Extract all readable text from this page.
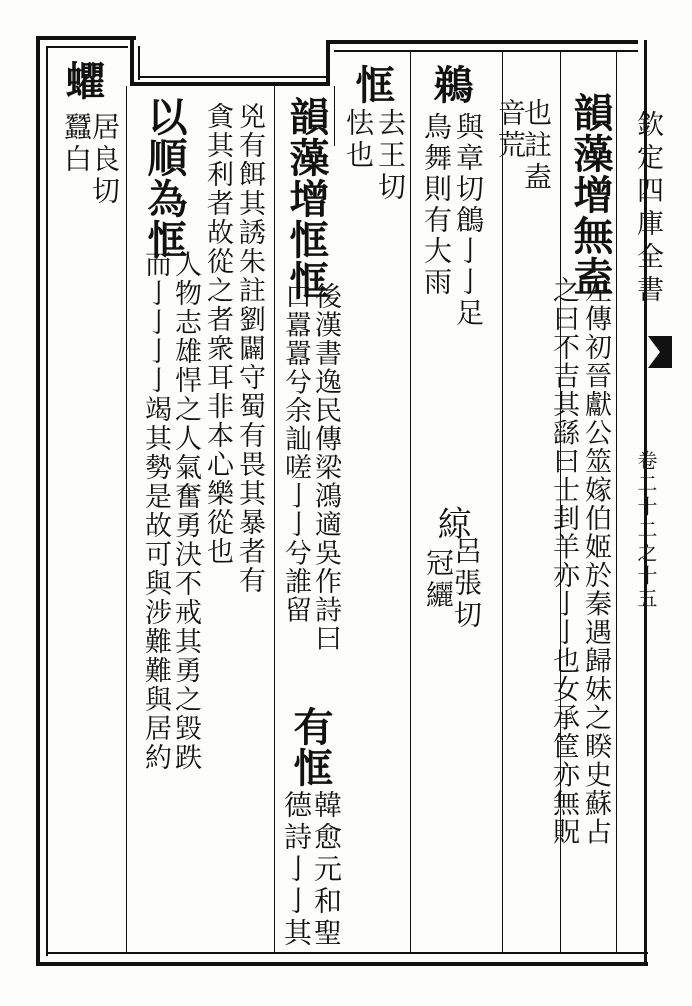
欽定四庫全書
卷二十二之十五
韻藻增無盍
左傳初晉獻公筮嫁伯姬於秦遇歸妹之睽史蘇占
之曰不吉其繇曰士刲羊亦亅亅也女承筐亦無貺
也註盍
音荒
鵜
與章切鶬亅亅足
鳥舞則有大雨
綡
呂張切
冠纚
恇
去王切
怯也
韻藻增恇恇
後漢書逸民傳梁鴻適吳作詩曰
口囂囂兮余訕嗟亅亅兮誰留
有恇
韓愈元和聖
德詩亅亅其
兇有餌其誘朱註劉闢守蜀有畏其暴者有
貪其利者故從之者衆耳非本心樂從也
以順為恇
人物志雄悍之人氣奮勇決不戒其勇之毀跌
而亅亅亅亅竭其勢是故可與涉難難與居約
蠷
居良切
蠶白
